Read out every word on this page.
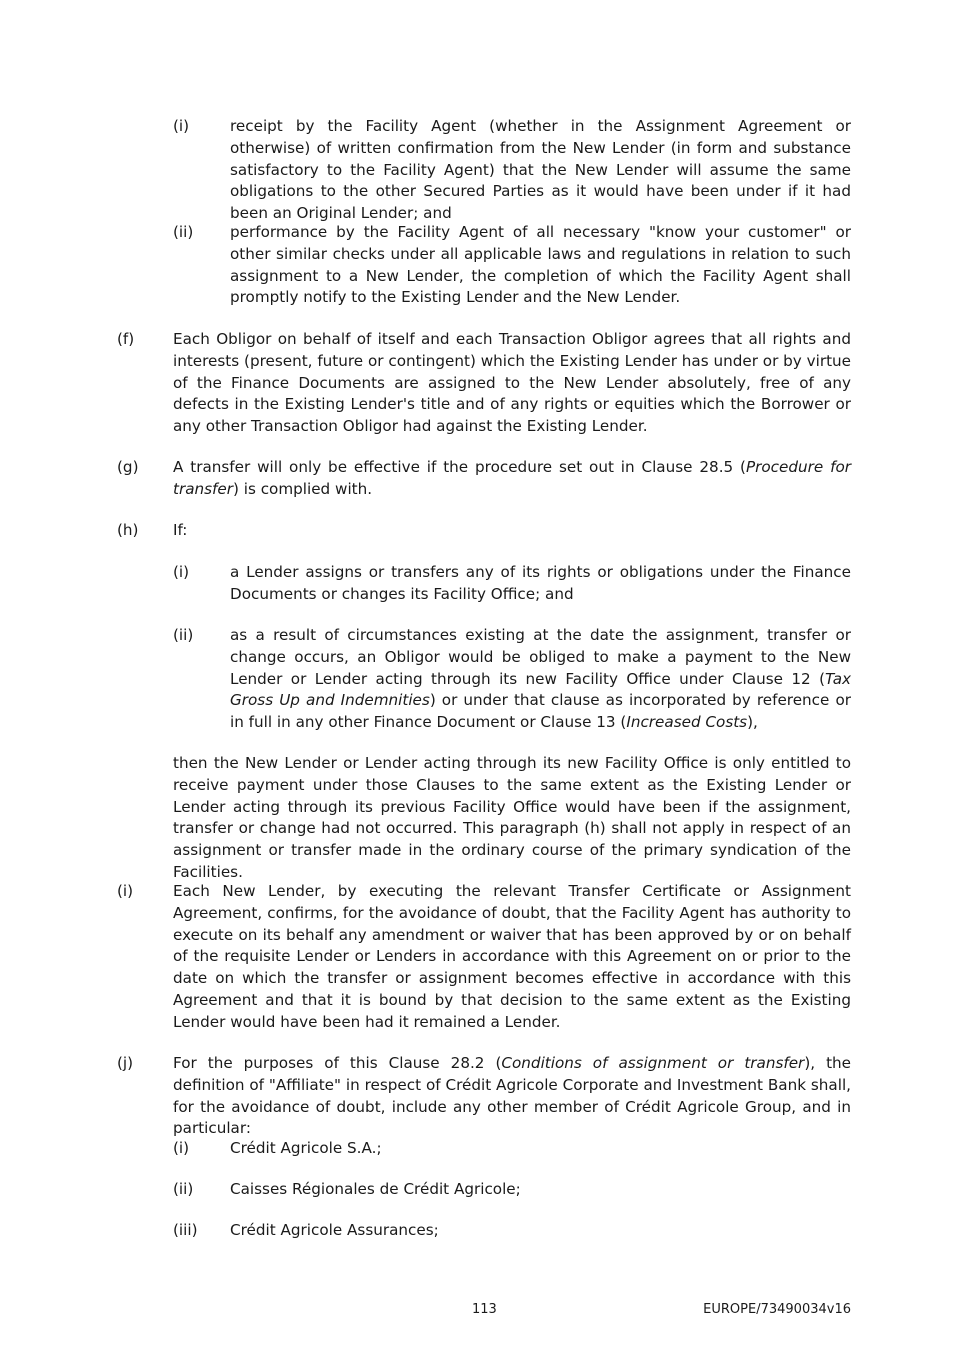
(i)	receipt by the Facility Agent (whether in the Assignment Agreement or otherwise) of written confirmation from the New Lender (in form and substance satisfactory to the Facility Agent) that the New Lender will assume the same obligations to the other Secured Parties as it would have been under if it had been an Original Lender; and
(ii) performance by the Facility Agent of all necessary "know your customer" or other similar checks under all applicable laws and regulations in relation to such assignment to a New Lender, the completion of which the Facility Agent shall promptly notify to the Existing Lender and the New Lender.
(f)	Each Obligor on behalf of itself and each Transaction Obligor agrees that all rights and interests (present, future or contingent) which the Existing Lender has under or by virtue of the Finance Documents are assigned to the New Lender absolutely, free of any defects in the Existing Lender's title and of any rights or equities which the Borrower or any other Transaction Obligor had against the Existing Lender.
(g) A transfer will only be effective if the procedure set out in Clause 28.5 (Procedure for transfer) is complied with.
(h) If:
(i)	a Lender assigns or transfers any of its rights or obligations under the Finance Documents or changes its Facility Office; and
(ii) as a result of circumstances existing at the date the assignment, transfer or change occurs, an Obligor would be obliged to make a payment to the New Lender or Lender acting through its new Facility Office under Clause 12 (Tax Gross Up and Indemnities) or under that clause as incorporated by reference or in full in any other Finance Document or Clause 13 (Increased Costs),
then the New Lender or Lender acting through its new Facility Office is only entitled to receive payment under those Clauses to the same extent as the Existing Lender or Lender acting through its previous Facility Office would have been if the assignment, transfer or change had not occurred. This paragraph (h) shall not apply in respect of an assignment or transfer made in the ordinary course of the primary syndication of the Facilities.
(i)	Each New Lender, by executing the relevant Transfer Certificate or Assignment Agreement, confirms, for the avoidance of doubt, that the Facility Agent has authority to execute on its behalf any amendment or waiver that has been approved by or on behalf of the requisite Lender or Lenders in accordance with this Agreement on or prior to the date on which the transfer or assignment becomes effective in accordance with this Agreement and that it is bound by that decision to the same extent as the Existing Lender would have been had it remained a Lender.
(j)	For the purposes of this Clause 28.2 (Conditions of assignment or transfer), the definition of "Affiliate" in respect of Crédit Agricole Corporate and Investment Bank shall, for the avoidance of doubt, include any other member of Crédit Agricole Group, and in particular:
(i)	Crédit Agricole S.A.;
(ii) Caisses Régionales de Crédit Agricole;
(iii) Crédit Agricole Assurances;
113	EUROPE/73490034v16
